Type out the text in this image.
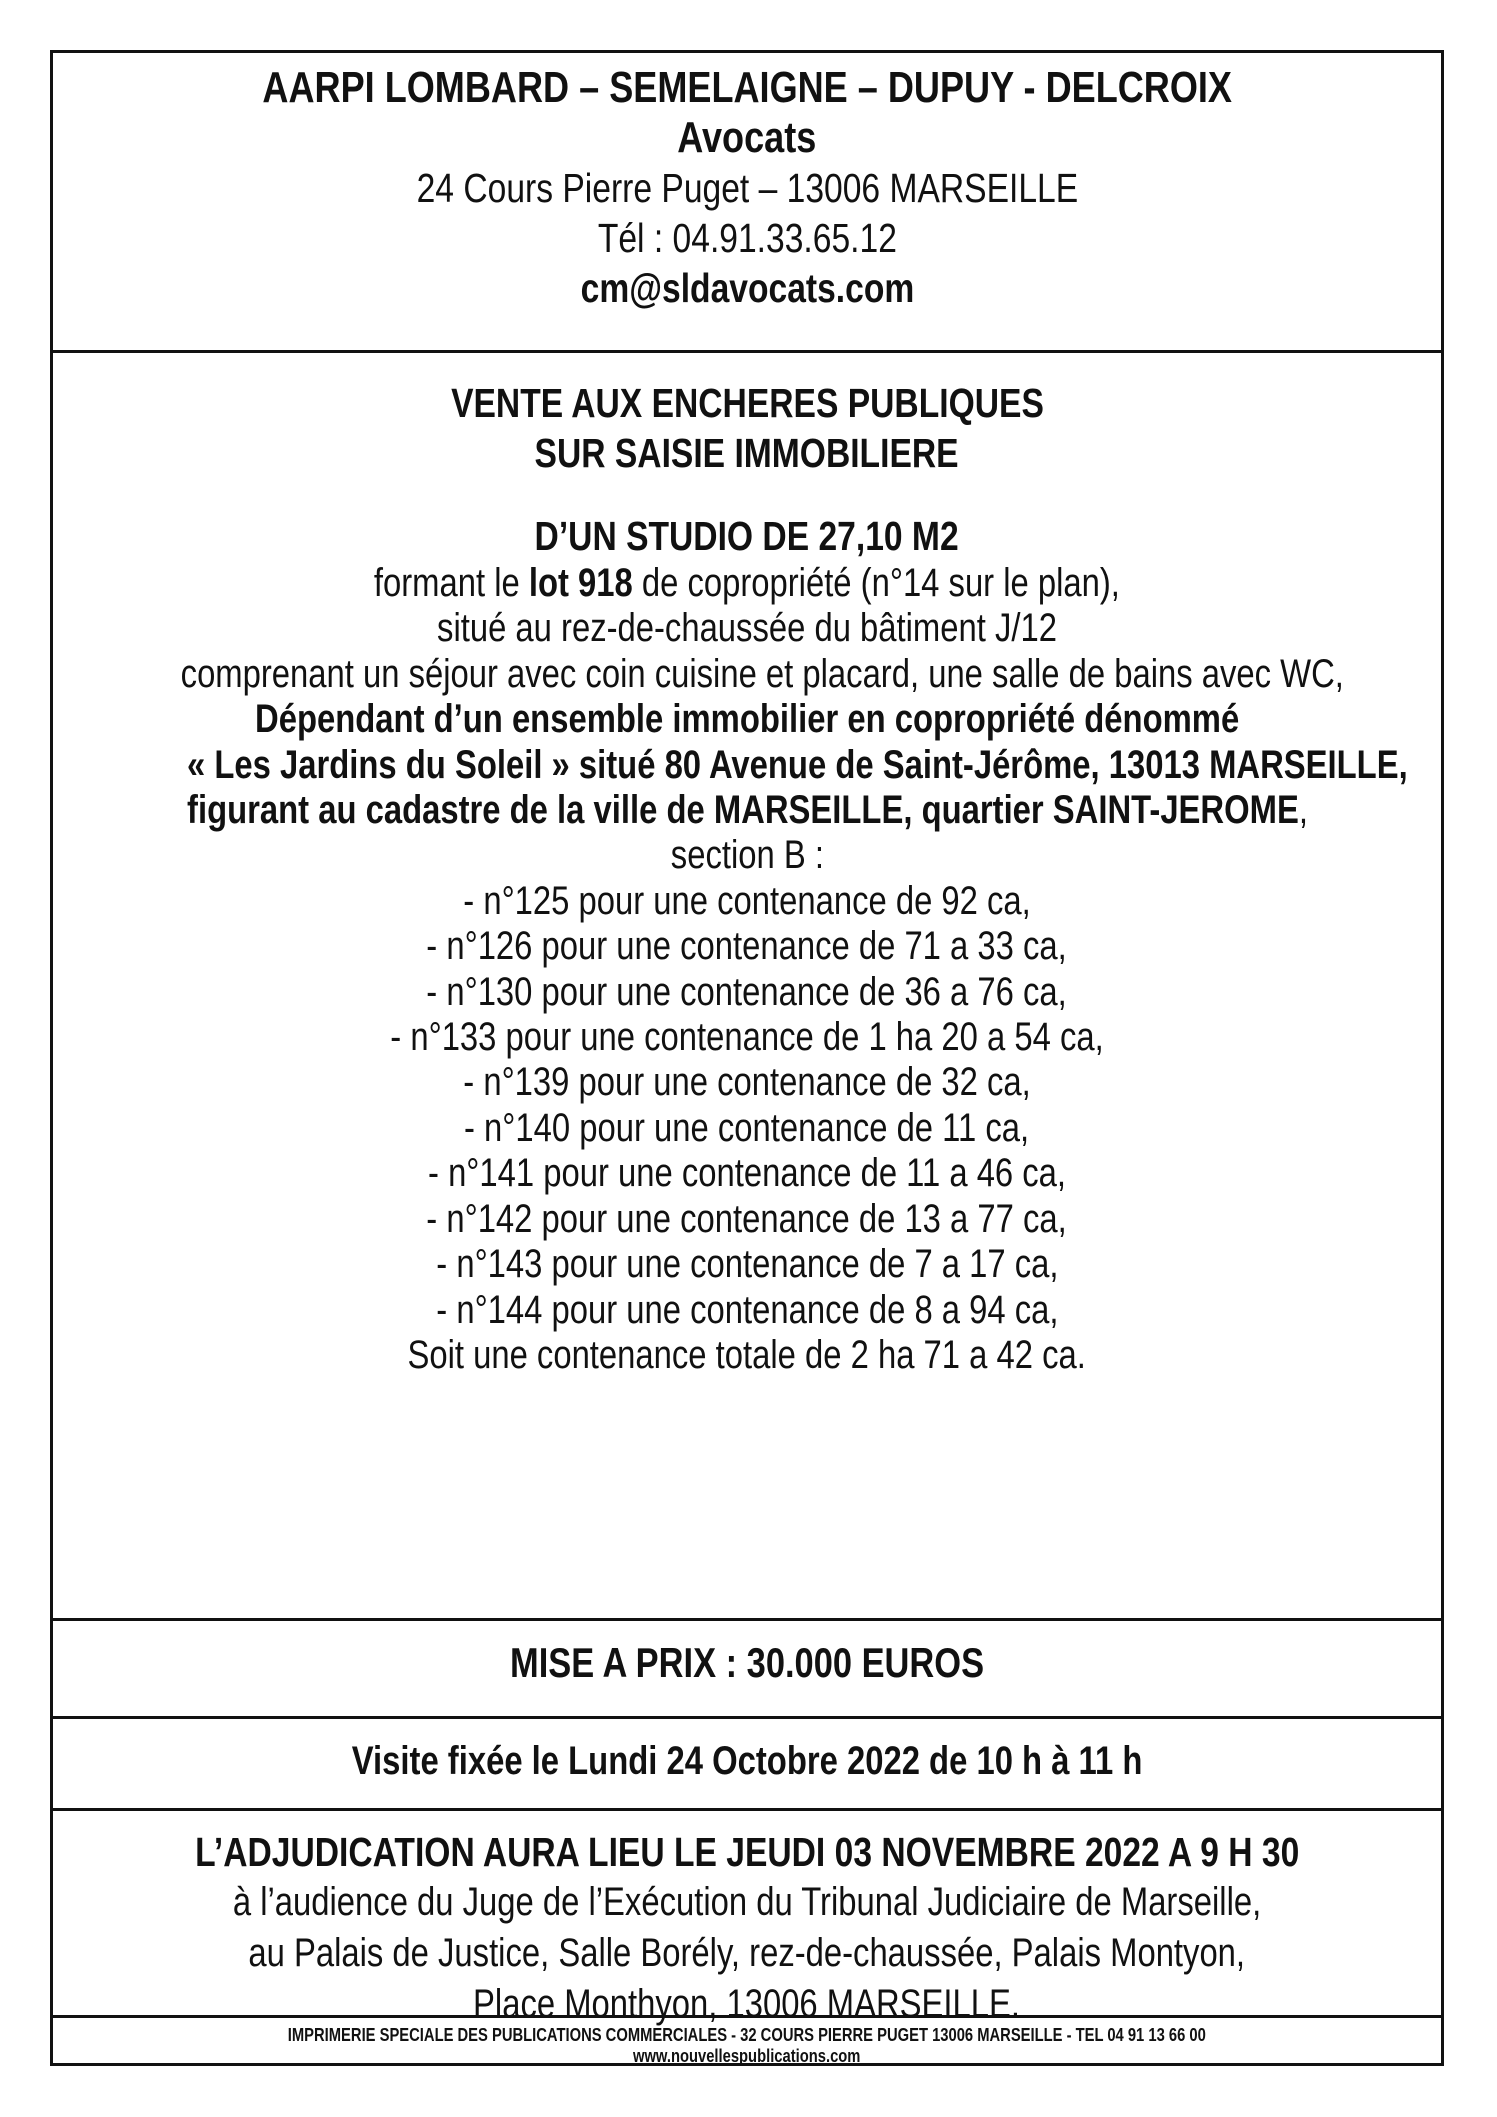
AARPI LOMBARD – SEMELAIGNE – DUPUY - DELCROIX
Avocats
24 Cours Pierre Puget – 13006 MARSEILLE
Tél : 04.91.33.65.12
cm@sldavocats.com
VENTE AUX ENCHERES PUBLIQUES
SUR SAISIE IMMOBILIERE
D’UN STUDIO DE 27,10 M2
formant le lot 918 de copropriété (n°14 sur le plan),
situé au rez-de-chaussée du bâtiment J/12
comprenant un séjour avec coin cuisine et placard, une salle de bains avec WC,
Dépendant d’un ensemble immobilier en copropriété dénommé
« Les Jardins du Soleil » situé 80 Avenue de Saint-Jérôme, 13013 MARSEILLE,
figurant au cadastre de la ville de MARSEILLE, quartier SAINT-JEROME,
section B :
- n°125 pour une contenance de 92 ca,
- n°126 pour une contenance de 71 a 33 ca,
- n°130 pour une contenance de 36 a 76 ca,
- n°133 pour une contenance de 1 ha 20 a 54 ca,
- n°139 pour une contenance de 32 ca,
- n°140 pour une contenance de 11 ca,
- n°141 pour une contenance de 11 a 46 ca,
- n°142 pour une contenance de 13 a 77 ca,
- n°143 pour une contenance de 7 a 17 ca,
- n°144 pour une contenance de 8 a 94 ca,
Soit une contenance totale de 2 ha 71 a 42 ca.
MISE A PRIX : 30.000 EUROS
Visite fixée le Lundi 24 Octobre 2022 de 10 h à 11 h
L’ADJUDICATION AURA LIEU LE JEUDI 03 NOVEMBRE 2022 A 9 H 30
à l’audience du Juge de l’Exécution du Tribunal Judiciaire de Marseille,
au Palais de Justice, Salle Borély, rez-de-chaussée, Palais Montyon,
Place Monthyon, 13006 MARSEILLE.
IMPRIMERIE SPECIALE DES PUBLICATIONS COMMERCIALES - 32 COURS PIERRE PUGET 13006 MARSEILLE - TEL 04 91 13 66 00
www.nouvellespublications.com
